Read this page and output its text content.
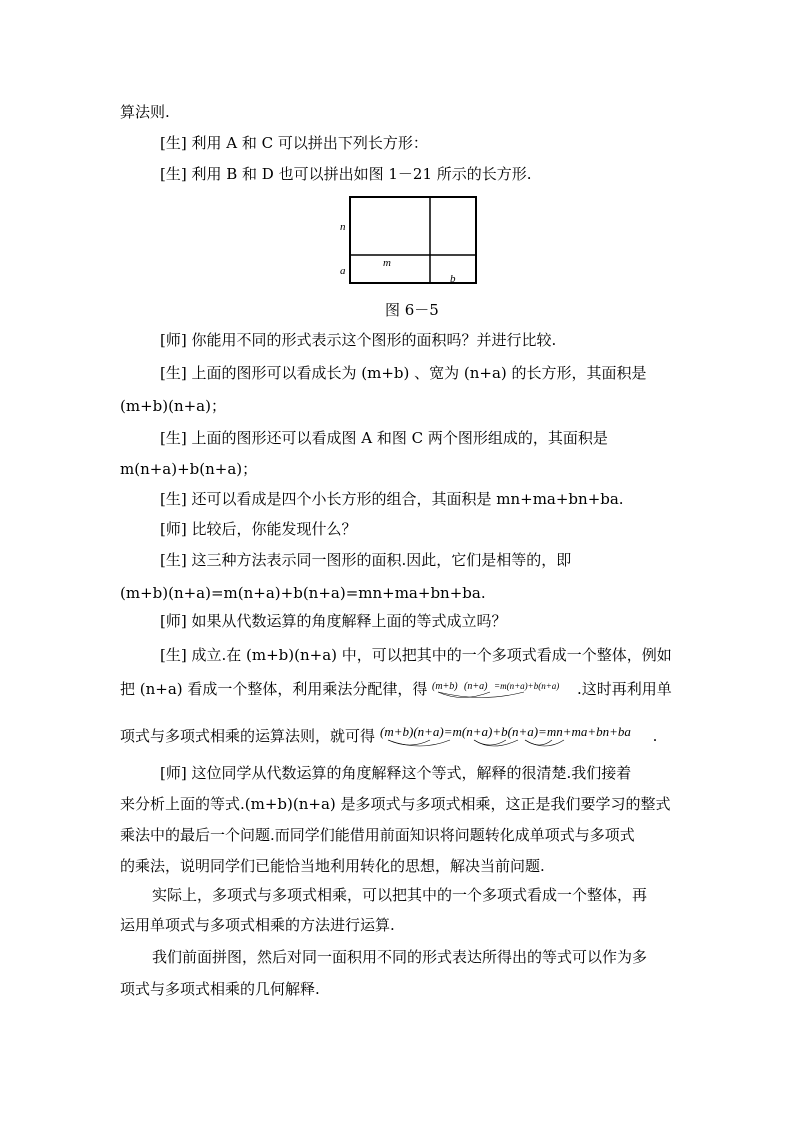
算法则.
[生] 利用 A 和 C 可以拼出下列长方形：
[生] 利用 B 和 D 也可以拼出如图 1－21 所示的长方形.
n
a
m
b
图 6－5
[师] 你能用不同的形式表示这个图形的面积吗？并进行比较.
[生] 上面的图形可以看成长为 (m+b) 、宽为 (n+a) 的长方形，其面积是
(m+b)(n+a)；
[生] 上面的图形还可以看成图 A 和图 C 两个图形组成的，其面积是
m(n+a)+b(n+a)；
[生] 还可以看成是四个小长方形的组合，其面积是 mn+ma+bn+ba.
[师] 比较后，你能发现什么？
[生] 这三种方法表示同一图形的面积.因此，它们是相等的，即
(m+b)(n+a)=m(n+a)+b(n+a)=mn+ma+bn+ba.
[师] 如果从代数运算的角度解释上面的等式成立吗？
[生] 成立.在 (m+b)(n+a) 中，可以把其中的一个多项式看成一个整体，例如
把 (n+a) 看成一个整体，利用乘法分配律，得 (m+b) (n+a) =m(n+a)+b(n+a) .这时再利用单
项式与多项式相乘的运算法则，就可得 (m+b)(n+a)=m(n+a)+b(n+a)=mn+ma+bn+ba .
[师] 这位同学从代数运算的角度解释这个等式，解释的很清楚.我们接着
来分析上面的等式.(m+b)(n+a) 是多项式与多项式相乘，这正是我们要学习的整式
乘法中的最后一个问题.而同学们能借用前面知识将问题转化成单项式与多项式
的乘法，说明同学们已能恰当地利用转化的思想，解决当前问题.
实际上，多项式与多项式相乘，可以把其中的一个多项式看成一个整体，再
运用单项式与多项式相乘的方法进行运算.
我们前面拼图，然后对同一面积用不同的形式表达所得出的等式可以作为多
项式与多项式相乘的几何解释.
